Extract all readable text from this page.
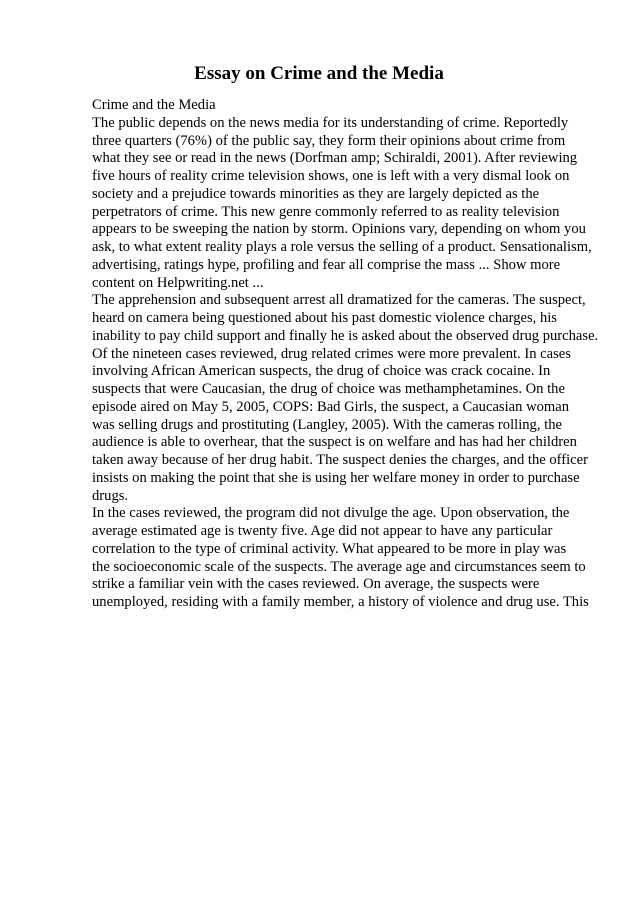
Essay on Crime and the Media
Crime and the Media
The public depends on the news media for its understanding of crime. Reportedly
three quarters (76%) of the public say, they form their opinions about crime from
what they see or read in the news (Dorfman amp; Schiraldi, 2001). After reviewing
five hours of reality crime television shows, one is left with a very dismal look on
society and a prejudice towards minorities as they are largely depicted as the
perpetrators of crime. This new genre commonly referred to as reality television
appears to be sweeping the nation by storm. Opinions vary, depending on whom you
ask, to what extent reality plays a role versus the selling of a product. Sensationalism,
advertising, ratings hype, profiling and fear all comprise the mass ... Show more
content on Helpwriting.net ...
The apprehension and subsequent arrest all dramatized for the cameras. The suspect,
heard on camera being questioned about his past domestic violence charges, his
inability to pay child support and finally he is asked about the observed drug purchase.
Of the nineteen cases reviewed, drug related crimes were more prevalent. In cases
involving African American suspects, the drug of choice was crack cocaine. In
suspects that were Caucasian, the drug of choice was methamphetamines. On the
episode aired on May 5, 2005, COPS: Bad Girls, the suspect, a Caucasian woman
was selling drugs and prostituting (Langley, 2005). With the cameras rolling, the
audience is able to overhear, that the suspect is on welfare and has had her children
taken away because of her drug habit. The suspect denies the charges, and the officer
insists on making the point that she is using her welfare money in order to purchase
drugs.
In the cases reviewed, the program did not divulge the age. Upon observation, the
average estimated age is twenty five. Age did not appear to have any particular
correlation to the type of criminal activity. What appeared to be more in play was
the socioeconomic scale of the suspects. The average age and circumstances seem to
strike a familiar vein with the cases reviewed. On average, the suspects were
unemployed, residing with a family member, a history of violence and drug use. This
